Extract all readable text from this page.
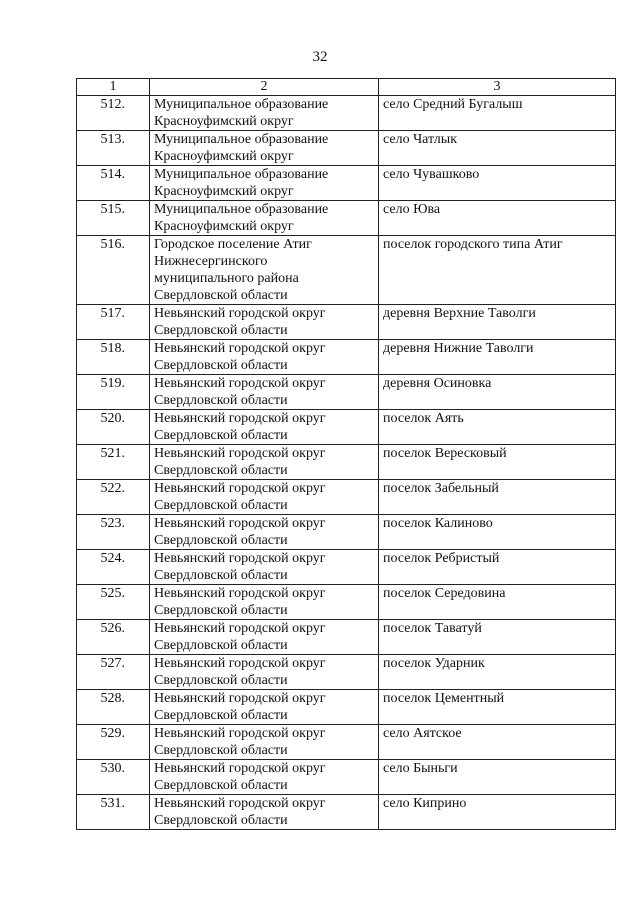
32
1	2	3

512.	Муниципальное образование
Красноуфимский округ	село Средний Бугалыш

513.	Муниципальное образование
Красноуфимский округ	село Чатлык

514.	Муниципальное образование
Красноуфимский округ	село Чувашково

515.	Муниципальное образование
Красноуфимский округ	село Юва

516.	Городское поселение Атиг
Нижнесергинского
муниципального района
Свердловской области	поселок городского типа Атиг

517.	Невьянский городской округ
Свердловской области	деревня Верхние Таволги

518.	Невьянский городской округ
Свердловской области	деревня Нижние Таволги

519.	Невьянский городской округ
Свердловской области	деревня Осиновка

520.	Невьянский городской округ
Свердловской области	поселок Аять

521.	Невьянский городской округ
Свердловской области	поселок Вересковый

522.	Невьянский городской округ
Свердловской области	поселок Забельный

523.	Невьянский городской округ
Свердловской области	поселок Калиново

524.	Невьянский городской округ
Свердловской области	поселок Ребристый

525.	Невьянский городской округ
Свердловской области	поселок Середовина

526.	Невьянский городской округ
Свердловской области	поселок Таватуй

527.	Невьянский городской округ
Свердловской области	поселок Ударник

528.	Невьянский городской округ
Свердловской области	поселок Цементный

529.	Невьянский городской округ
Свердловской области	село Аятское

530.	Невьянский городской округ
Свердловской области	село Быньги

531.	Невьянский городской округ
Свердловской области	село Киприно
